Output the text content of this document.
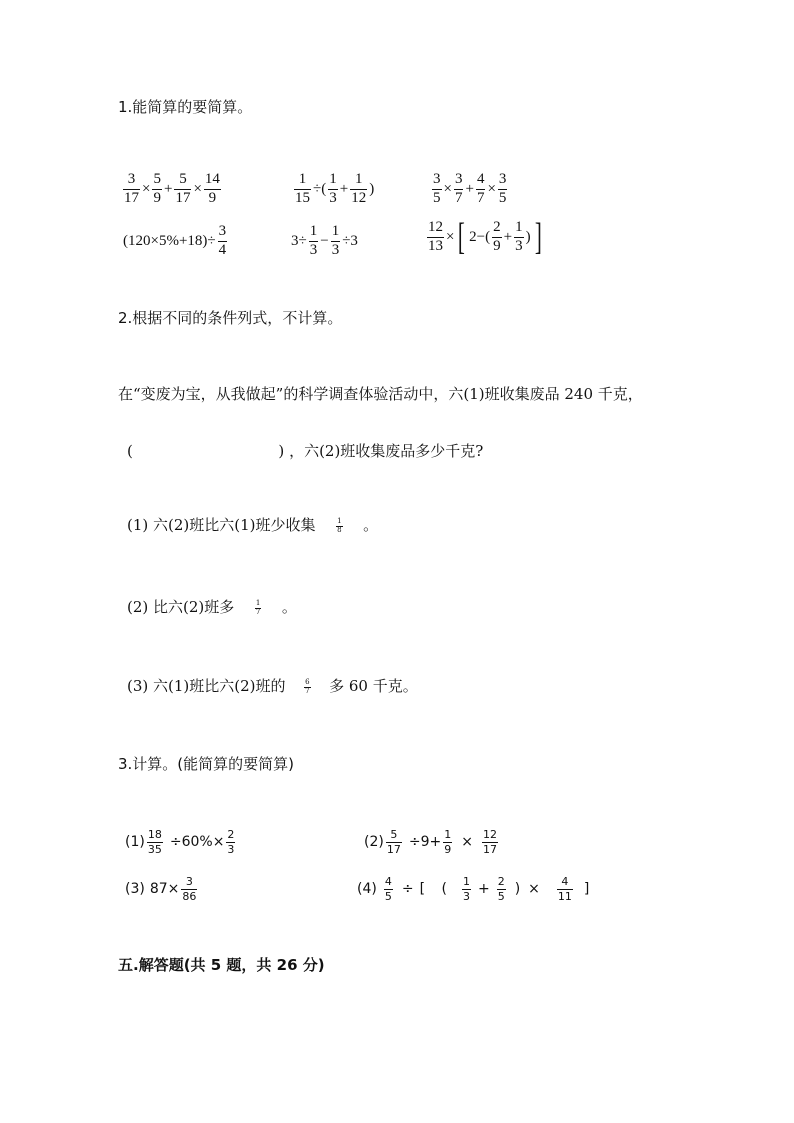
1.能简算的要简算。
$\frac{3}{17} \times \frac{5}{9} + \frac{5}{17} \times \frac{14}{9}$	$\frac{1}{15}$ ÷( $\frac{1}{3} + \frac{1}{12}$ )	$\frac{3}{5} \times \frac{3}{7} + \frac{4}{7} \times \frac{3}{5}$
$(120\times 5\%+18)\div \frac{3}{4}$	$3\div \frac{1}{3} - \frac{1}{3} \div 3$	$\frac{12}{13}$ × [ $2-( \frac{2}{9} + \frac{1}{3}$ ) ]
2.根据不同的条件列式，不计算。
在“变废为宝，从我做起”的科学调查体验活动中，六(1)班收集废品 240 千克，
(	) ，六(2)班收集废品多少千克?
(1) 六(2)班比六(1)班少收集	$\frac{1}{8}$ 。
(2) 比六(2)班多	$\frac{1}{7}$ 。
(3) 六(1)班比六(2)班的	$\frac{6}{7}$ 多 60 千克。
3.计算。(能简算的要简算)
$(1) \frac{18}{35} \div 60\%\times \frac{2}{3}$	$(2) \frac{5}{17} \div 9+ \frac{1}{9} \times \frac{12}{17}$
(3) $87\times \frac{3}{86}$	$(4) \frac{4}{5}$ ÷[ ( $\frac{1}{3} + \frac{2}{5}$ )× $\frac{4}{11}$ ]
五.解答题(共 5 题，共 26 分)
